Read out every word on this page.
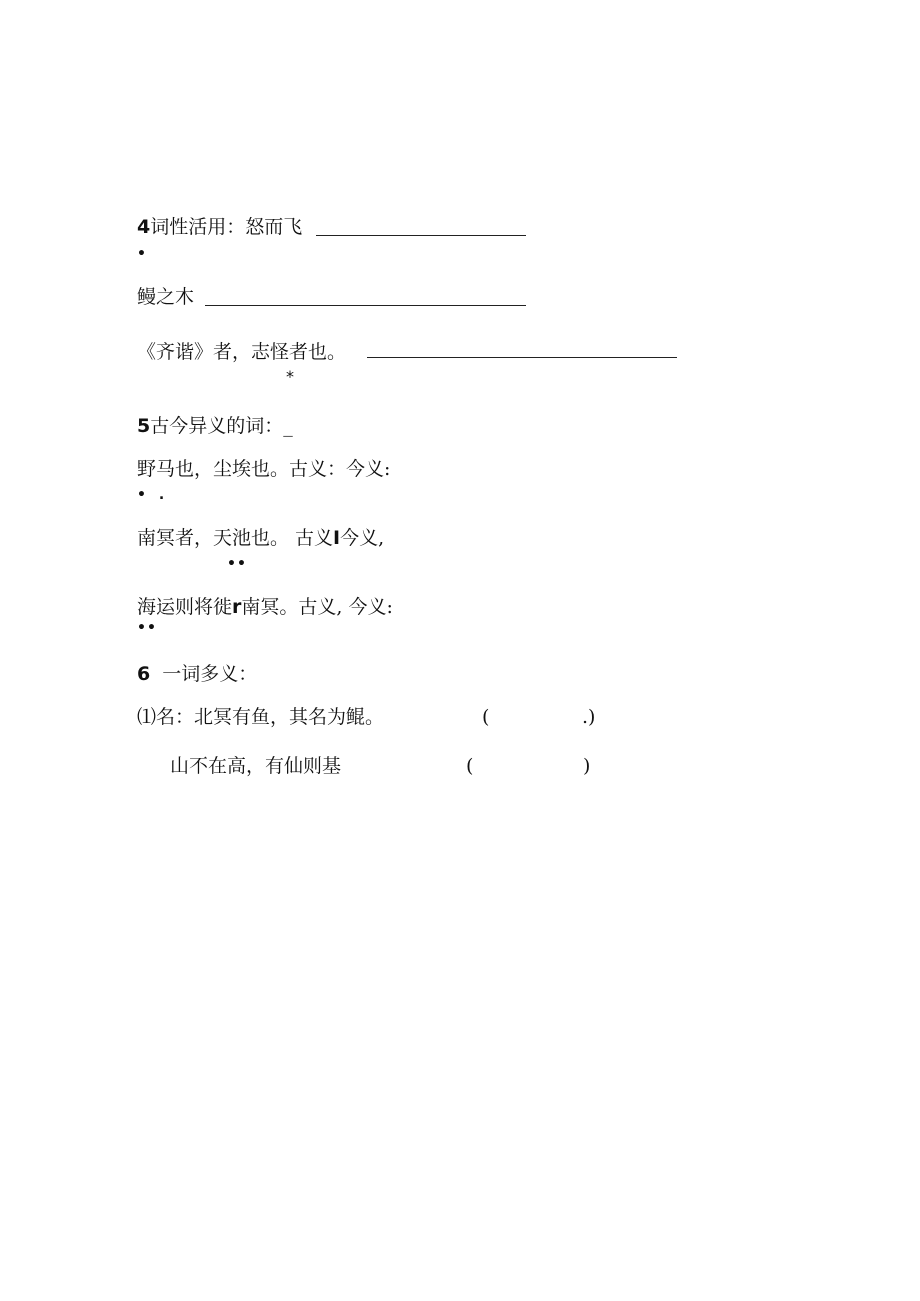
4词性活用：怒而飞
•
鳗之木
《齐谐》者，志怪者也。
*
5古今异义的词：_
野马也，尘埃也。古义：今义:
• .
南冥者，天池也。 古义I今义,
••
海运则将徙r南冥。古义, 今义:
••
6 一词多义：
⑴名：北冥有鱼，其名为鲲。	(	.)
山不在高，有仙则基	(	)
